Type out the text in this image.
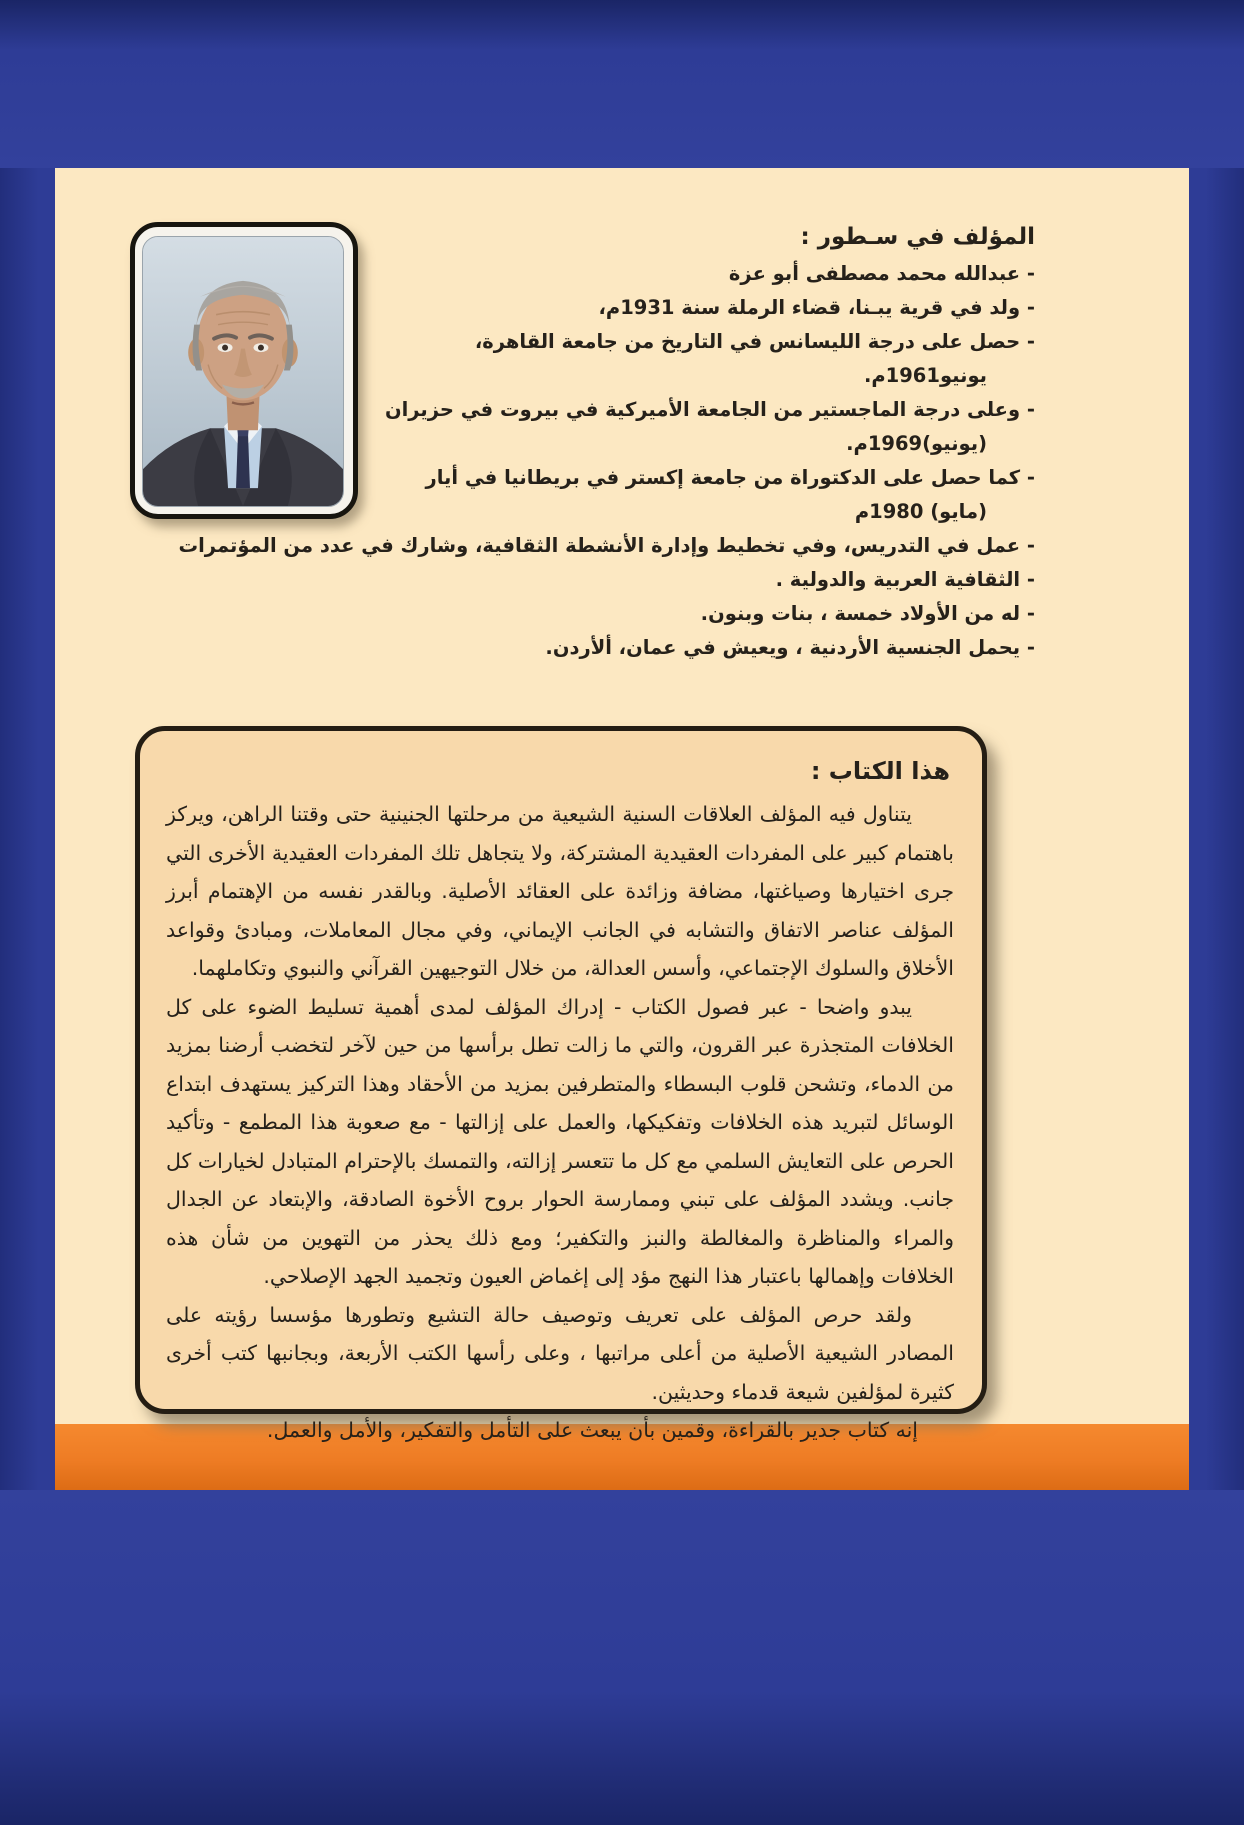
المؤلف في سـطور :
- عبدالله محمد مصطفى أبو عزة
- ولد في قرية يبـنا، قضاء الرملة سنة 1931م،
- حصل على درجة الليسانس في التاريخ من جامعة القاهرة،
يونيو1961م.
- وعلى درجة الماجستير من الجامعة الأميركية في بيروت في حزيران
(يونيو)1969م.
- كما حصل على الدكتوراة من جامعة إكستر في بريطانيا في أيار
(مايو) 1980م
- عمل في التدريس، وفي تخطيط وإدارة الأنشطة الثقافية، وشارك في عدد من المؤتمرات
- الثقافية العربية والدولية .
- له من الأولاد خمسة ، بنات وبنون.
- يحمل الجنسية الأردنية ، ويعيش في عمان، ألأردن.
هذا الكتاب :

يتناول فيه المؤلف العلاقات السنية الشيعية من مرحلتها الجنينية حتى وقتنا الراهن، ويركز باهتمام كبير على المفردات العقيدية المشتركة، ولا يتجاهل تلك المفردات العقيدية الأخرى التي جرى اختيارها وصياغتها، مضافة وزائدة على العقائد الأصلية. وبالقدر نفسه من الإهتمام أبرز المؤلف عناصر الاتفاق والتشابه في الجانب الإيماني، وفي مجال المعاملات، ومبادئ وقواعد الأخلاق والسلوك الإجتماعي، وأسس العدالة، من خلال التوجيهين القرآني والنبوي وتكاملهما.

يبدو واضحا - عبر فصول الكتاب - إدراك المؤلف لمدى أهمية تسليط الضوء على كل الخلافات المتجذرة عبر القرون، والتي ما زالت تطل برأسها من حين لآخر لتخضب أرضنا بمزيد من الدماء، وتشحن قلوب البسطاء والمتطرفين بمزيد من الأحقاد وهذا التركيز يستهدف ابتداع الوسائل لتبريد هذه الخلافات وتفكيكها، والعمل على إزالتها - مع صعوبة هذا المطمع - وتأكيد الحرص على التعايش السلمي مع كل ما تتعسر إزالته، والتمسك بالإحترام المتبادل لخيارات كل جانب. ويشدد المؤلف على تبني وممارسة الحوار بروح الأخوة الصادقة، والإبتعاد عن الجدال والمراء والمناظرة والمغالطة والنبز والتكفير؛ ومع ذلك يحذر من التهوين من شأن هذه الخلافات وإهمالها باعتبار هذا النهج مؤد إلى إغماض العيون وتجميد الجهد الإصلاحي.

ولقد حرص المؤلف على تعريف وتوصيف حالة التشيع وتطورها مؤسسا رؤيته على المصادر الشيعية الأصلية من أعلى مراتبها ، وعلى رأسها الكتب الأربعة، وبجانبها كتب أخرى كثيرة لمؤلفين شيعة قدماء وحديثين.

إنه كتاب جدير بالقراءة، وقمين بأن يبعث على التأمل والتفكير، والأمل والعمل.
